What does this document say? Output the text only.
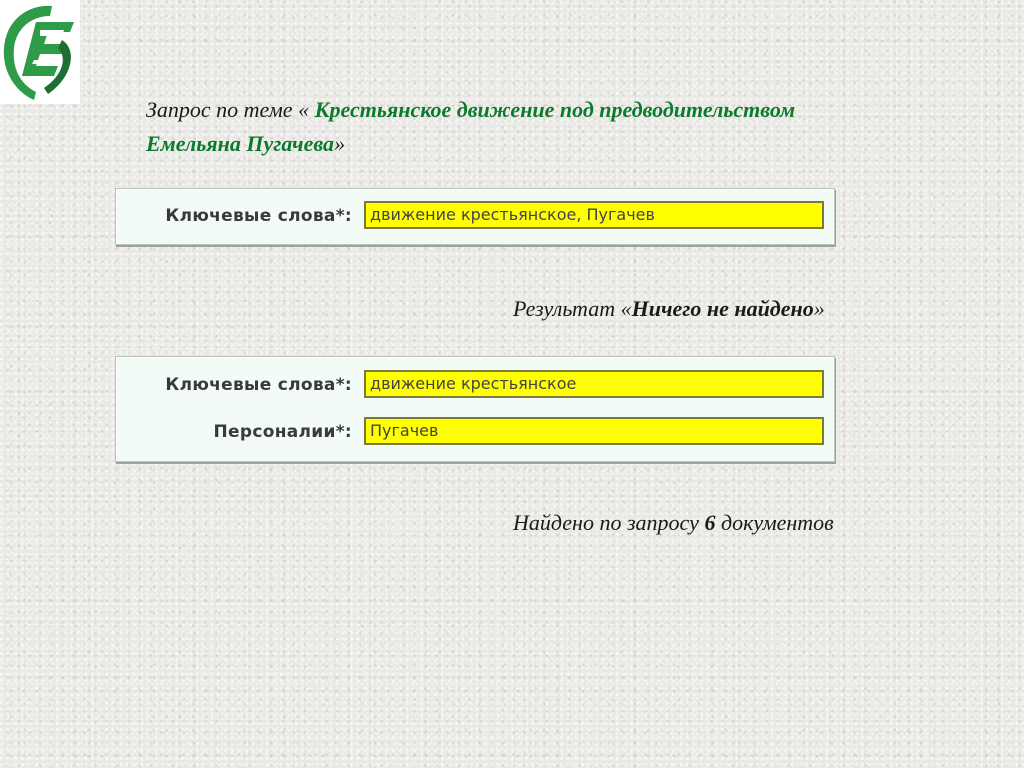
Запрос по теме « Крестьянское движение под предводительством
Емельяна Пугачева»
Ключевые слова*:	движение крестьянское, Пугачев
Результат «Ничего не найдено»
Ключевые слова*:	движение крестьянское
Персоналии*:	Пугачев
Найдено по запросу 6 документов
